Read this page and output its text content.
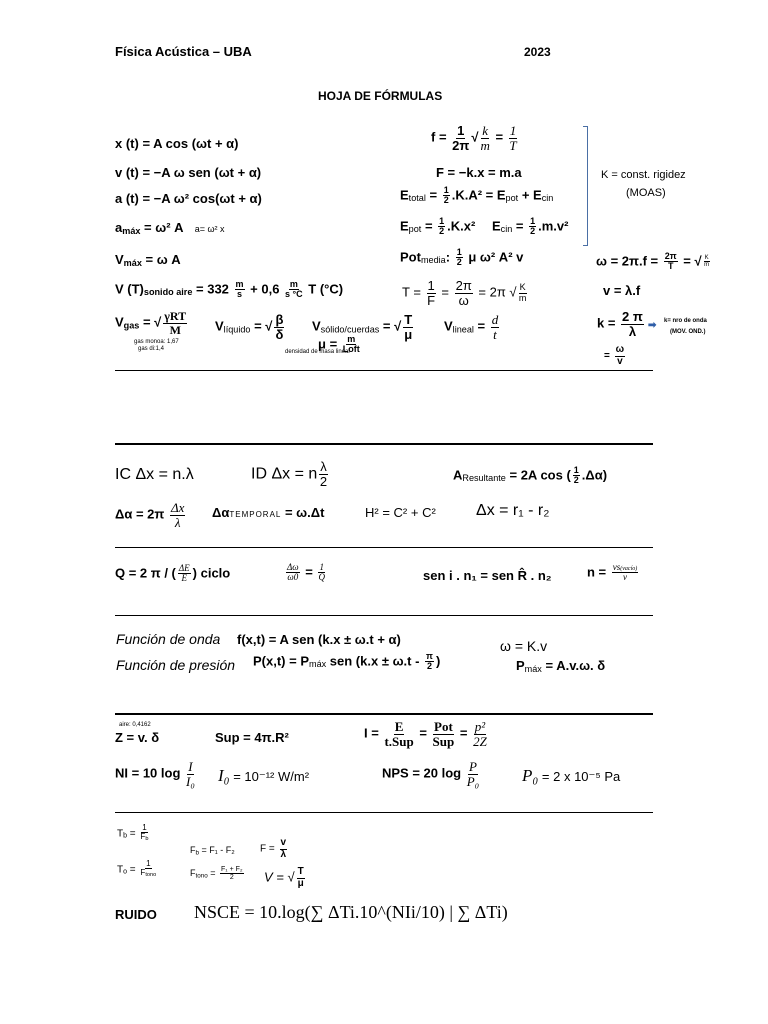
Física Acústica – UBA	2023
HOJA DE FÓRMULAS
x (t) = A cos (ωt + α)
v (t) = −A ω sen (ωt + α)
a (t) = −A ω² cos(ωt + α)
$a_{máx} = \omega^2$ A a= ω² x
$V_{máx} = \omega$ A
V $(T)_{sonido aire} = 332 \frac{m}{s} + 0,6 \frac{m}{s ^\circ C}$ T (°C)
$V_{gas}$ = √ $\frac{\text{γRT}}{M}$
gas monoa: 1,67
gas di:1,4
$V_{líquido}$ = √ $\frac{\beta}{\delta}$
densidad de masa lineal
$V_{sólido/cuerdas}$ = √ $\frac{T}{\mu}$
$\mu = \frac{m}{\text{Loft}}$
$V_{lineal} = \frac{d}{t}$
$f = \frac{1}{2\pi}$ √ $\frac{k}{m} = \frac{1}{T}$
F = −k.x = m.a
$E_{total} = \frac{1}{2} .K.A^2 = E_{pot} + E_{cin}$
$E_{pot} = \frac{1}{2} .K.x^2$ $E_{cin} = \frac{1}{2} .m.v^2$
Pot$_{media}$: $\frac{1}{2}$ μ ω² A² v
$T = \frac{1}{F} = \frac{2\pi}{\omega} = 2\pi$ √ $\frac{K}{m}$
K = const. rigidez
(MOAS)
$\omega = 2\pi.f = \frac{2\pi}{T}$ = √ $\frac{K}{m}$
v = λ.f
$k = \frac{2 \pi}{\lambda}$ ➡ k= nro de onda
(MOV. OND.)
= $\frac{\omega}{v}$
IC Δx = n.λ	ID Δx = n $\frac{\lambda}{2}$	$A_{Resultante} = 2A$ cos ( $\frac{1}{2} .\Delta\alpha$)
$\Delta\alpha = 2\pi \frac{\Delta x}{\lambda}$ ΔαTEMPORAL = ω.Δt	H² = C² + C²	Δx = r₁ - r₂
Q = 2 π / ( $\frac{\Delta E}{E}$ ) ciclo	$\frac{\Delta\omega}{\omega 0} = \frac{1}{Q}$	sen i . n₁ = sen R̂ . n₂	$n = \frac{\text{vs(vacío)}}{v}$
Función de onda f(x,t) = A sen (k.x ± ω.t + α)	ω = K.v
Función de presión $P(x,t) = P_{máx}$ sen ($k.x \pm \omega.t - \frac{\pi}{2}$ )	$P_{máx} = A.v.\omega$. δ
aire: 0,4162
Z = v. δ	Sup = 4π.R²	$I = \frac{E}{\text{t.Sup}} = \frac{\text{Pot}}{\text{Sup}} = \frac{\text{p²}}{2Z}$
NI = 10 $\log \frac{I}{\text{I₀}} I_0 = 10^{-12}$ W/m²	NPS = 20 $\log \frac{P}{\text{P₀}}$	P₀ = 2 x 10⁻⁵ Pa
$Tb = \frac{1}{F_b}$
$F_b = F_1 - F_2$	$F = \frac{v}{\lambda}$
$To = \frac{1}{F_{tono}}$	$F_{tono} = \frac{\text{F₁ + F₂}}{2}$ V = √ $\frac{T}{\mu}$
RUIDO NSCE = 10.log(∑ ΔTi.10^(NIi/10) | ∑ ΔTi)
